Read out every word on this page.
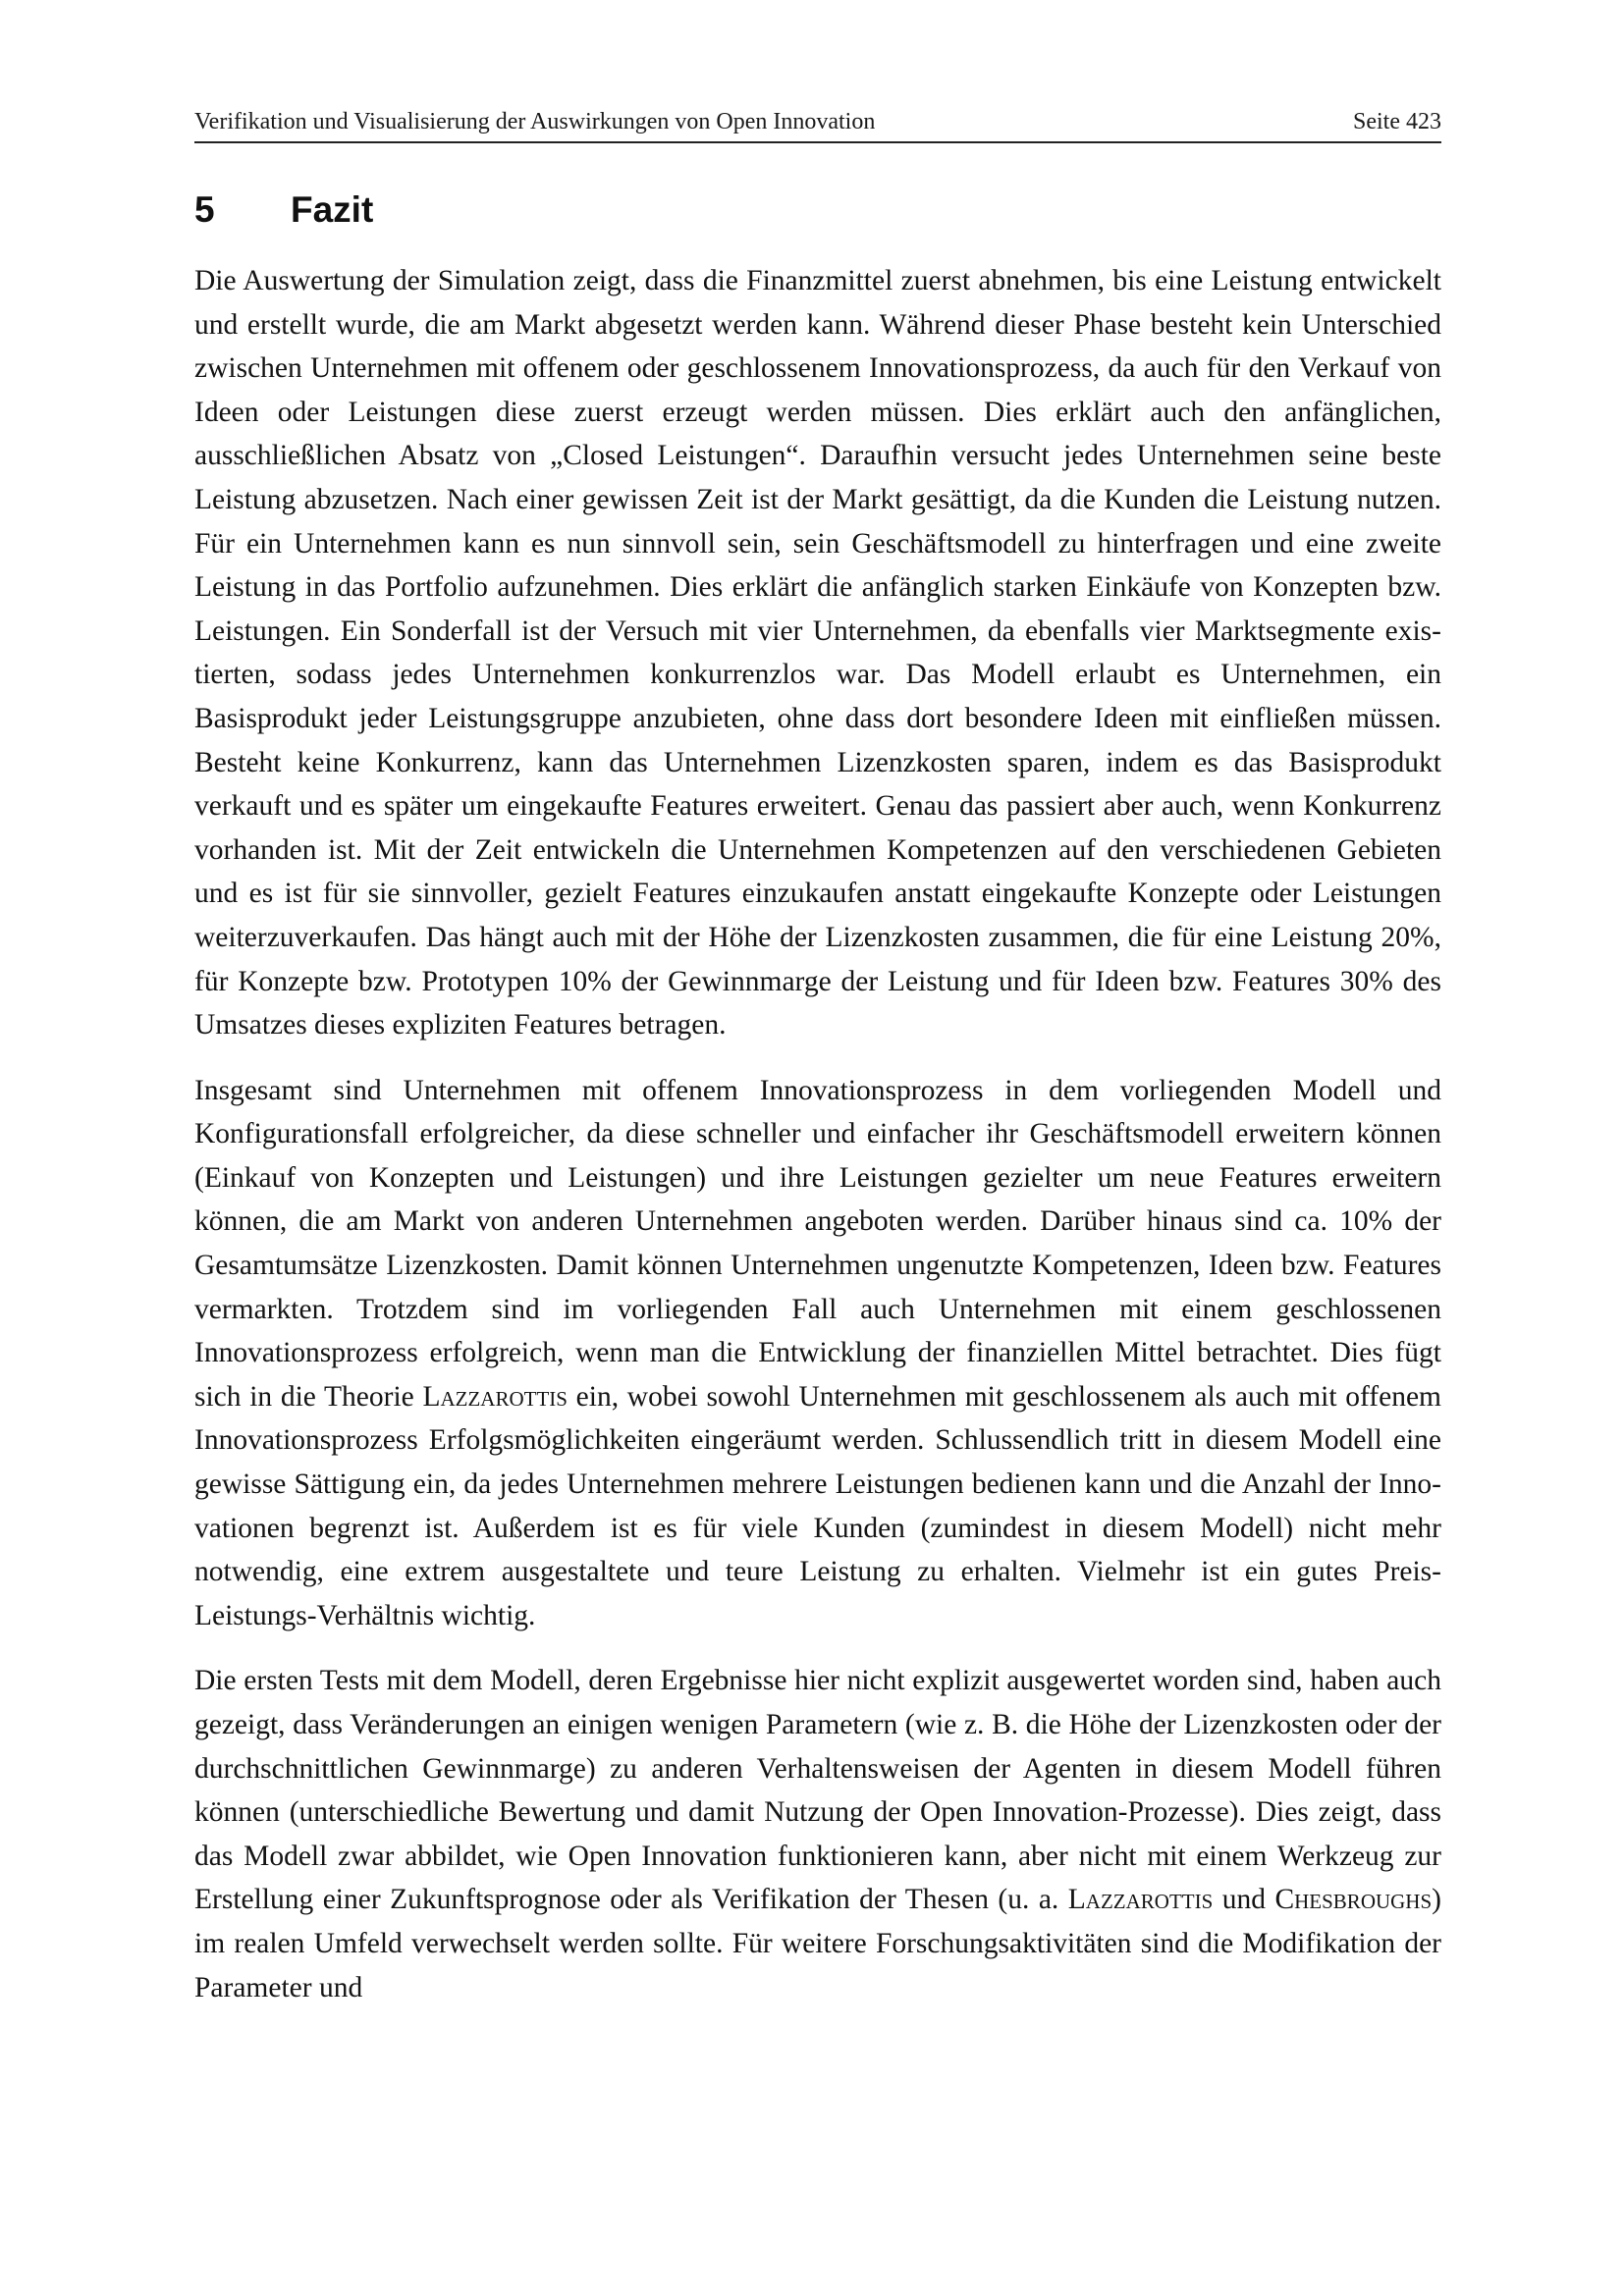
Verifikation und Visualisierung der Auswirkungen von Open Innovation	Seite 423
5	Fazit

Die Auswertung der Simulation zeigt, dass die Finanzmittel zuerst abnehmen, bis eine Leistung entwickelt und erstellt wurde, die am Markt abgesetzt werden kann. Während dieser Phase besteht kein Unterschied zwischen Unternehmen mit offenem oder geschlossenem Innovationsprozess, da auch für den Verkauf von Ideen oder Leistungen diese zuerst erzeugt werden müssen. Dies erklärt auch den anfänglichen, ausschließlichen Absatz von „Closed Leistungen“. Daraufhin versucht jedes Unternehmen seine beste Leistung abzusetzen. Nach einer gewissen Zeit ist der Markt gesättigt, da die Kunden die Leistung nutzen. Für ein Unternehmen kann es nun sinnvoll sein, sein Geschäftsmodell zu hinterfragen und eine zweite Leistung in das Portfolio aufzunehmen. Dies erklärt die anfänglich starken Einkäufe von Konzepten bzw. Leistungen. Ein Sonderfall ist der Versuch mit vier Unternehmen, da ebenfalls vier Marktsegmente existierten, sodass jedes Unternehmen konkurrenzlos war. Das Modell erlaubt es Unternehmen, ein Basisprodukt jeder Leistungsgruppe anzubieten, ohne dass dort besondere Ideen mit einfließen müssen. Besteht keine Konkurrenz, kann das Unternehmen Lizenzkosten sparen, indem es das Basisprodukt verkauft und es später um eingekaufte Features erweitert. Genau das passiert aber auch, wenn Konkurrenz vorhanden ist. Mit der Zeit entwickeln die Unternehmen Kompetenzen auf den verschiedenen Gebieten und es ist für sie sinnvoller, gezielt Features einzukaufen anstatt eingekaufte Konzepte oder Leistungen weiterzuverkaufen. Das hängt auch mit der Höhe der Lizenzkosten zusammen, die für eine Leistung 20%, für Konzepte bzw. Prototypen 10% der Gewinnmarge der Leistung und für Ideen bzw. Features 30% des Umsatzes dieses expliziten Features betragen.

Insgesamt sind Unternehmen mit offenem Innovationsprozess in dem vorliegenden Modell und Konfigurationsfall erfolgreicher, da diese schneller und einfacher ihr Geschäftsmodell erweitern können (Einkauf von Konzepten und Leistungen) und ihre Leistungen gezielter um neue Features erweitern können, die am Markt von anderen Unternehmen angeboten werden. Darüber hinaus sind ca. 10% der Gesamtumsätze Lizenzkosten. Damit können Unternehmen ungenutzte Kompetenzen, Ideen bzw. Features vermarkten. Trotzdem sind im vorliegenden Fall auch Unternehmen mit einem geschlossenen Innovationsprozess erfolgreich, wenn man die Entwicklung der finanziellen Mittel betrachtet. Dies fügt sich in die Theorie Lazzarottis ein, wobei sowohl Unternehmen mit geschlossenem als auch mit offenem Innovationsprozess Erfolgsmöglichkeiten eingeräumt werden. Schlussendlich tritt in diesem Modell eine gewisse Sättigung ein, da jedes Unternehmen mehrere Leistungen bedienen kann und die Anzahl der Innovationen begrenzt ist. Außerdem ist es für viele Kunden (zumindest in diesem Modell) nicht mehr notwendig, eine extrem ausgestaltete und teure Leistung zu erhalten. Vielmehr ist ein gutes Preis-Leistungs-Verhältnis wichtig.

Die ersten Tests mit dem Modell, deren Ergebnisse hier nicht explizit ausgewertet worden sind, haben auch gezeigt, dass Veränderungen an einigen wenigen Parametern (wie z. B. die Höhe der Lizenzkosten oder der durchschnittlichen Gewinnmarge) zu anderen Verhaltensweisen der Agenten in diesem Modell führen können (unterschiedliche Bewertung und damit Nutzung der Open Innovation-Prozesse). Dies zeigt, dass das Modell zwar abbildet, wie Open Innovation funktionieren kann, aber nicht mit einem Werkzeug zur Erstellung einer Zukunftsprognose oder als Verifikation der Thesen (u. a. Lazzarottis und Chesbroughs) im realen Umfeld verwechselt werden sollte. Für weitere Forschungsaktivitäten sind die Modifikation der Parameter und
